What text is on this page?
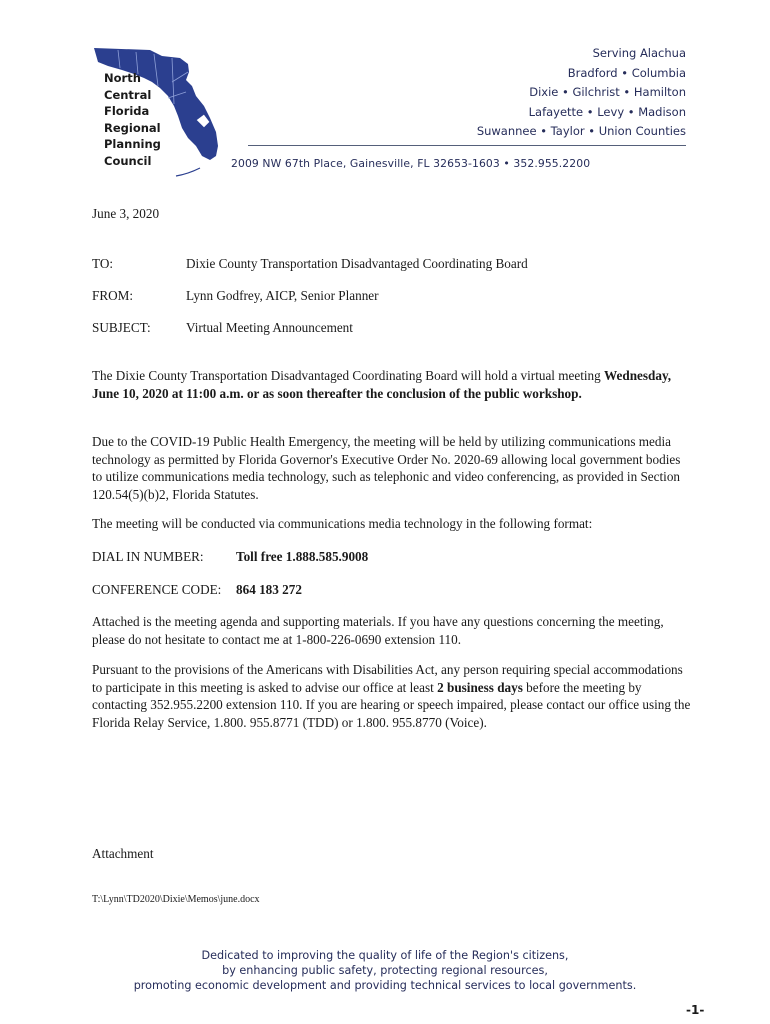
North
Central
Florida
Regional
Planning
Council
Serving Alachua
Bradford • Columbia
Dixie • Gilchrist • Hamilton
Lafayette • Levy • Madison
Suwannee • Taylor • Union Counties
2009 NW 67th Place, Gainesville, FL 32653-1603 • 352.955.2200
June 3, 2020
TO:	Dixie County Transportation Disadvantaged Coordinating Board
FROM:	Lynn Godfrey, AICP, Senior Planner
SUBJECT:	Virtual Meeting Announcement
The Dixie County Transportation Disadvantaged Coordinating Board will hold a virtual meeting Wednesday, June 10, 2020 at 11:00 a.m. or as soon thereafter the conclusion of the public workshop.
Due to the COVID-19 Public Health Emergency, the meeting will be held by utilizing communications media technology as permitted by Florida Governor's Executive Order No. 2020-69 allowing local government bodies to utilize communications media technology, such as telephonic and video conferencing, as provided in Section 120.54(5)(b)2, Florida Statutes.
The meeting will be conducted via communications media technology in the following format:
DIAL IN NUMBER: Toll free 1.888.585.9008
CONFERENCE CODE: 864 183 272
Attached is the meeting agenda and supporting materials. If you have any questions concerning the meeting, please do not hesitate to contact me at 1-800-226-0690 extension 110.
Pursuant to the provisions of the Americans with Disabilities Act, any person requiring special accommodations to participate in this meeting is asked to advise our office at least 2 business days before the meeting by contacting 352.955.2200 extension 110. If you are hearing or speech impaired, please contact our office using the Florida Relay Service, 1.800. 955.8771 (TDD) or 1.800. 955.8770 (Voice).
Attachment
T:\Lynn\TD2020\Dixie\Memos\june.docx
Dedicated to improving the quality of life of the Region's citizens,
by enhancing public safety, protecting regional resources,
promoting economic development and providing technical services to local governments.
-1-
